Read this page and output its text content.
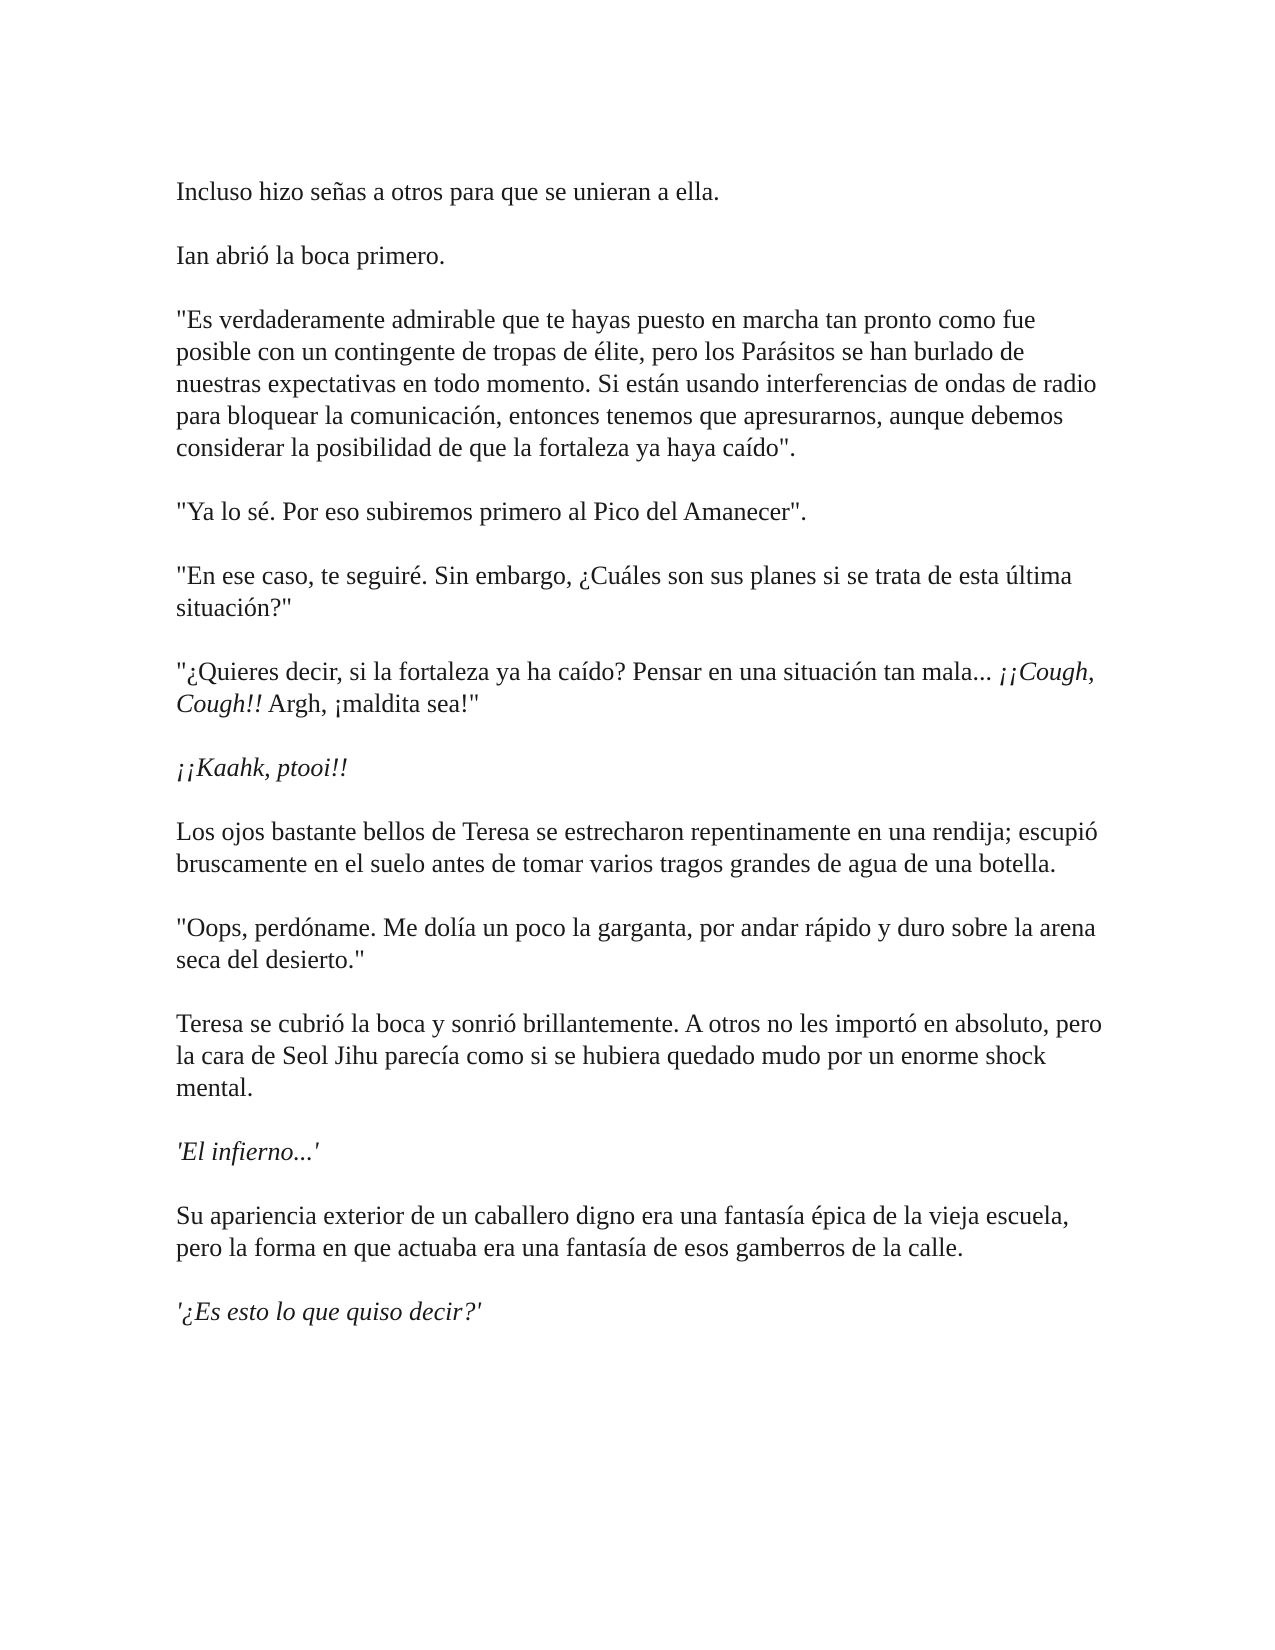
Incluso hizo señas a otros para que se unieran a ella.

Ian abrió la boca primero.

"Es verdaderamente admirable que te hayas puesto en marcha tan pronto como fue posible con un contingente de tropas de élite, pero los Parásitos se han burlado de nuestras expectativas en todo momento. Si están usando interferencias de ondas de radio para bloquear la comunicación, entonces tenemos que apresurarnos, aunque debemos considerar la posibilidad de que la fortaleza ya haya caído".

"Ya lo sé. Por eso subiremos primero al Pico del Amanecer".

"En ese caso, te seguiré. Sin embargo, ¿Cuáles son sus planes si se trata de esta última situación?"

"¿Quieres decir, si la fortaleza ya ha caído? Pensar en una situación tan mala... ¡¡Cough, Cough!! Argh, ¡maldita sea!"

¡¡Kaahk, ptooi!!

Los ojos bastante bellos de Teresa se estrecharon repentinamente en una rendija; escupió bruscamente en el suelo antes de tomar varios tragos grandes de agua de una botella.

"Oops, perdóname. Me dolía un poco la garganta, por andar rápido y duro sobre la arena seca del desierto."

Teresa se cubrió la boca y sonrió brillantemente. A otros no les importó en absoluto, pero la cara de Seol Jihu parecía como si se hubiera quedado mudo por un enorme shock mental.

'El infierno...'

Su apariencia exterior de un caballero digno era una fantasía épica de la vieja escuela, pero la forma en que actuaba era una fantasía de esos gamberros de la calle.

'¿Es esto lo que quiso decir?'
